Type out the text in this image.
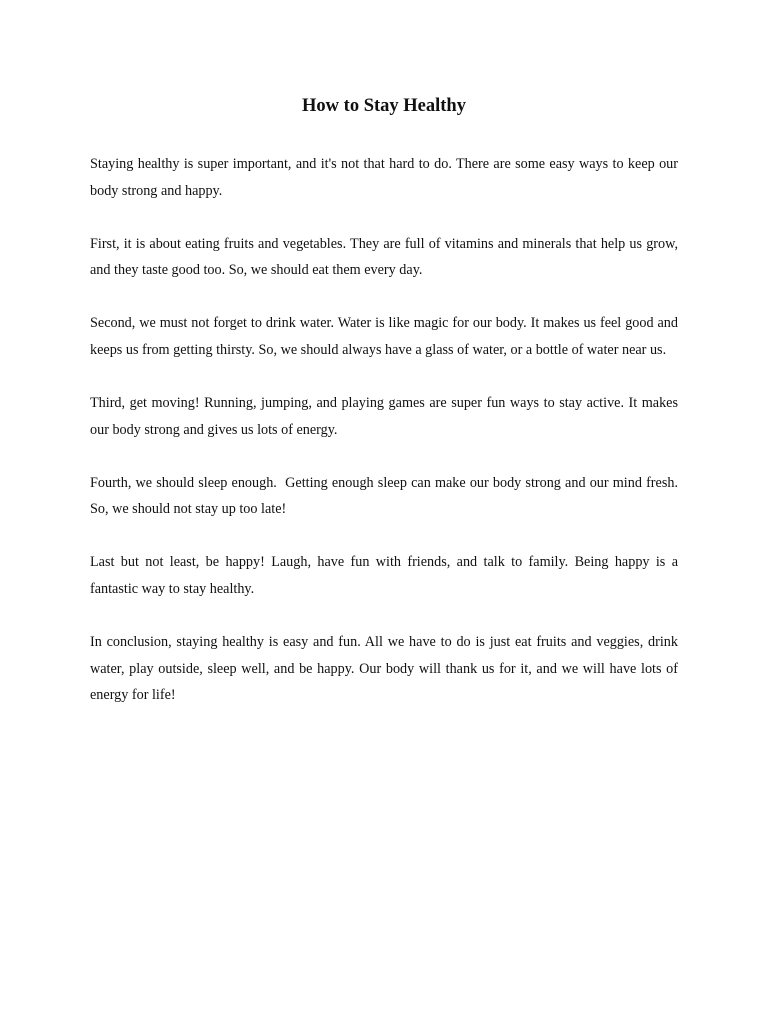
How to Stay Healthy

Staying healthy is super important, and it's not that hard to do. There are some easy ways to keep our body strong and happy.

First, it is about eating fruits and vegetables. They are full of vitamins and minerals that help us grow, and they taste good too. So, we should eat them every day.

Second, we must not forget to drink water. Water is like magic for our body. It makes us feel good and keeps us from getting thirsty. So, we should always have a glass of water, or a bottle of water near us.

Third, get moving! Running, jumping, and playing games are super fun ways to stay active. It makes our body strong and gives us lots of energy.

Fourth, we should sleep enough.  Getting enough sleep can make our body strong and our mind fresh. So, we should not stay up too late!

Last but not least, be happy! Laugh, have fun with friends, and talk to family. Being happy is a fantastic way to stay healthy.

In conclusion, staying healthy is easy and fun. All we have to do is just eat fruits and veggies, drink water, play outside, sleep well, and be happy. Our body will thank us for it, and we will have lots of energy for life!
